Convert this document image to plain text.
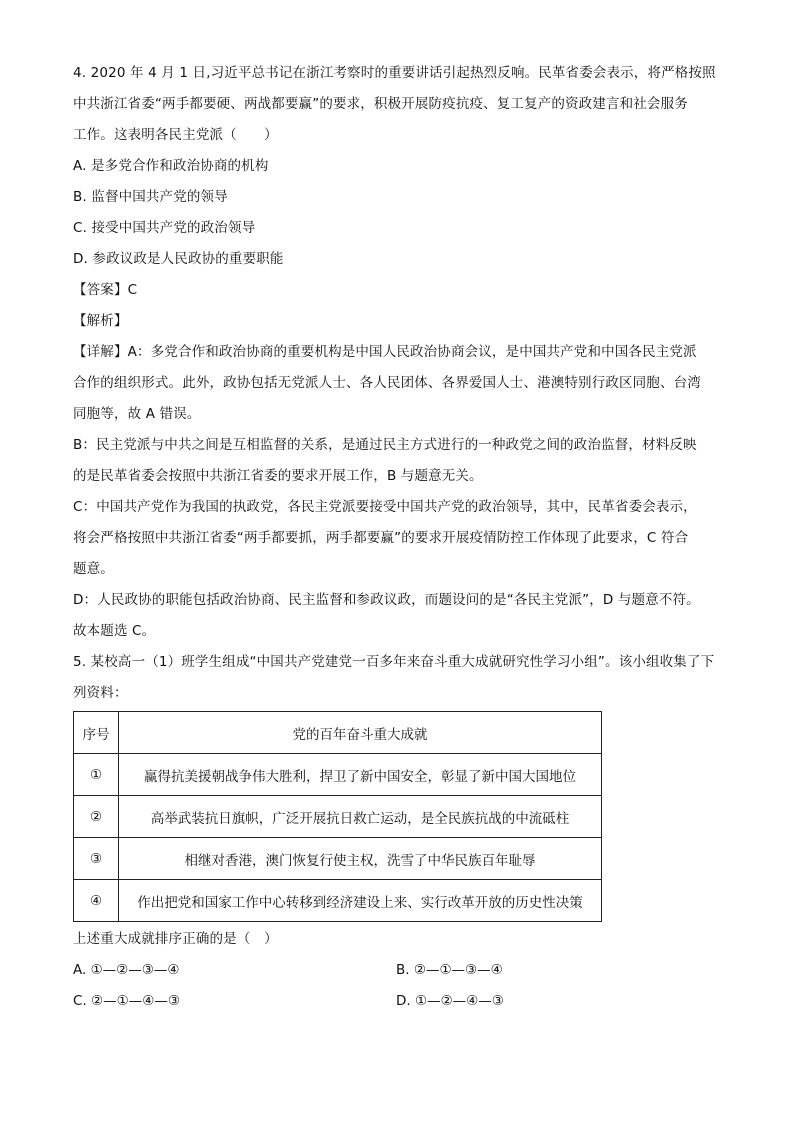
4. 2020 年 4 月 1 日,习近平总书记在浙江考察时的重要讲话引起热烈反响。民革省委会表示，将严格按照
中共浙江省委“两手都要硬、两战都要赢”的要求，积极开展防疫抗疫、复工复产的资政建言和社会服务
工作。这表明各民主党派（　　）
A. 是多党合作和政治协商的机构
B. 监督中国共产党的领导
C. 接受中国共产党的政治领导
D. 参政议政是人民政协的重要职能
【答案】C
【解析】
【详解】A：多党合作和政治协商的重要机构是中国人民政治协商会议，是中国共产党和中国各民主党派
合作的组织形式。此外，政协包括无党派人士、各人民团体、各界爱国人士、港澳特别行政区同胞、台湾
同胞等，故 A 错误。
B：民主党派与中共之间是互相监督的关系，是通过民主方式进行的一种政党之间的政治监督，材料反映
的是民革省委会按照中共浙江省委的要求开展工作，B 与题意无关。
C：中国共产党作为我国的执政党，各民主党派要接受中国共产党的政治领导，其中，民革省委会表示，
将会严格按照中共浙江省委“两手都要抓，两手都要赢”的要求开展疫情防控工作体现了此要求，C 符合
题意。
D：人民政协的职能包括政治协商、民主监督和参政议政，而题设问的是“各民主党派”，D 与题意不符。
故本题选 C。
5. 某校高一（1）班学生组成“中国共产党建党一百多年来奋斗重大成就研究性学习小组”。该小组收集了下
列资料：
序号	党的百年奋斗重大成就
①	赢得抗美援朝战争伟大胜利，捍卫了新中国安全，彰显了新中国大国地位
②	高举武装抗日旗帜，广泛开展抗日救亡运动，是全民族抗战的中流砥柱
③	相继对香港，澳门恢复行使主权，洗雪了中华民族百年耻辱
④	作出把党和国家工作中心转移到经济建设上来、实行改革开放的历史性决策
上述重大成就排序正确的是（　）
A. ①—②—③—④	B. ②—①—③—④
C. ②—①—④—③	D. ①—②—④—③
